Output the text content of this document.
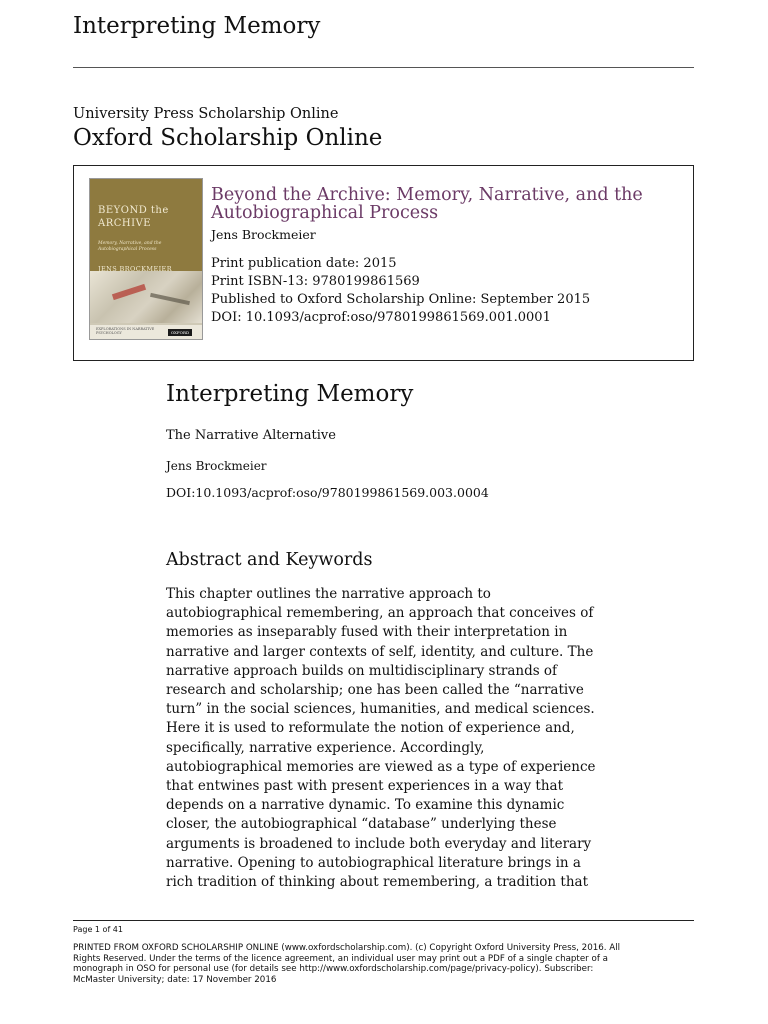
Interpreting Memory
University Press Scholarship Online
Oxford Scholarship Online
BEYOND the
ARCHIVE
Memory, Narrative, and the Autobiographical Process
JENS BROCKMEIER
EXPLORATIONS IN NARRATIVE PSYCHOLOGY	OXFORD
Beyond the Archive: Memory, Narrative, and the Autobiographical Process
Jens Brockmeier
Print publication date: 2015
Print ISBN-13: 9780199861569
Published to Oxford Scholarship Online: September 2015
DOI: 10.1093/acprof:oso/9780199861569.001.0001
Interpreting Memory
The Narrative Alternative
Jens Brockmeier
DOI:10.1093/acprof:oso/9780199861569.003.0004
Abstract and Keywords

This chapter outlines the narrative approach to
autobiographical remembering, an approach that conceives of
memories as inseparably fused with their interpretation in
narrative and larger contexts of self, identity, and culture. The
narrative approach builds on multidisciplinary strands of
research and scholarship; one has been called the “narrative
turn” in the social sciences, humanities, and medical sciences.
Here it is used to reformulate the notion of experience and,
specifically, narrative experience. Accordingly,
autobiographical memories are viewed as a type of experience
that entwines past with present experiences in a way that
depends on a narrative dynamic. To examine this dynamic
closer, the autobiographical “database” underlying these
arguments is broadened to include both everyday and literary
narrative. Opening to autobiographical literature brings in a
rich tradition of thinking about remembering, a tradition that

Page 1 of 41

PRINTED FROM OXFORD SCHOLARSHIP ONLINE (www.oxfordscholarship.com). (c) Copyright Oxford University Press, 2016. All
Rights Reserved. Under the terms of the licence agreement, an individual user may print out a PDF of a single chapter of a
monograph in OSO for personal use (for details see http://www.oxfordscholarship.com/page/privacy-policy). Subscriber:
McMaster University; date: 17 November 2016
